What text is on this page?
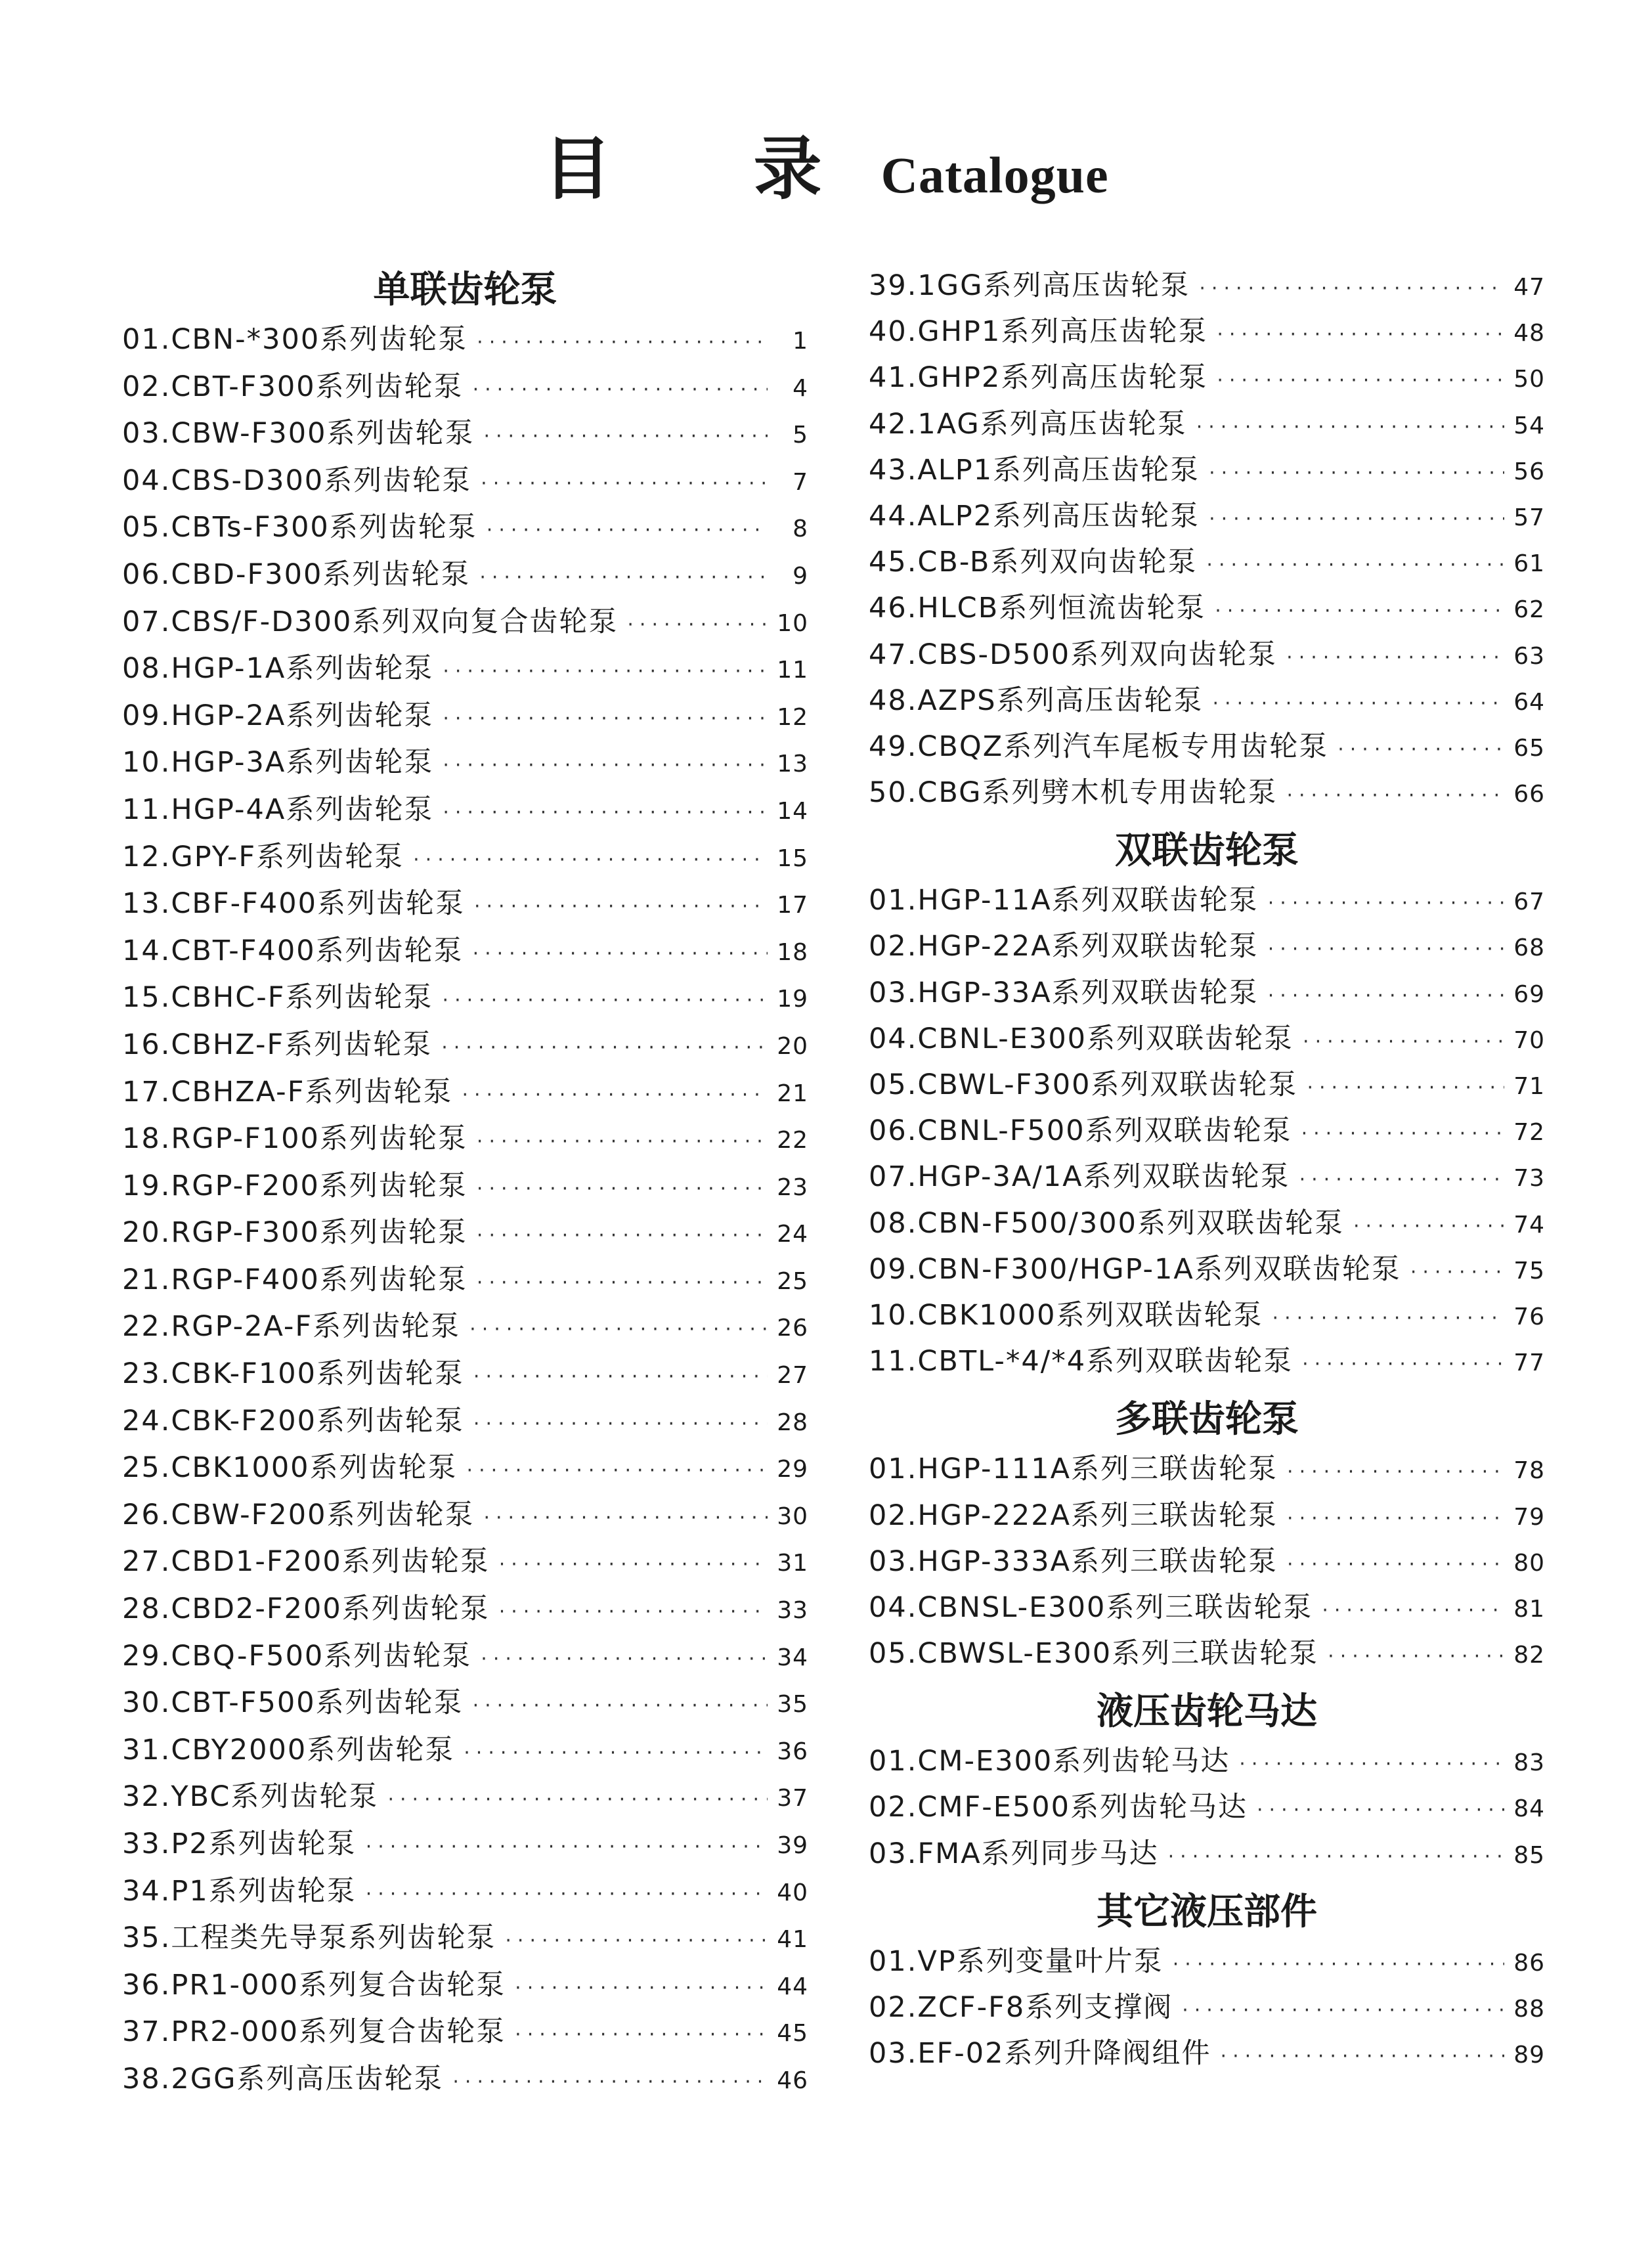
目 录Catalogue
单联齿轮泵
01. CBN-*300系列齿轮泵 ·····	1
02. CBT-F300系列齿轮泵 ·····	4
03. CBW-F300系列齿轮泵 ·····	5
04. CBS-D300系列齿轮泵 ·····	7
05. CBTs-F300系列齿轮泵 ·····	8
06. CBD-F300系列齿轮泵 ·····	9
07. CBS/F-D300系列双向复合齿轮泵 ·····	10
08. HGP-1A系列齿轮泵 ·····	11
09. HGP-2A系列齿轮泵 ·····	12
10. HGP-3A系列齿轮泵 ·····	13
11. HGP-4A系列齿轮泵 ·····	14
12. GPY-F系列齿轮泵 ·····	15
13. CBF-F400系列齿轮泵 ·····	17
14. CBT-F400系列齿轮泵 ·····	18
15. CBHC-F系列齿轮泵 ·····	19
16. CBHZ-F系列齿轮泵 ·····	20
17. CBHZA-F系列齿轮泵 ·····	21
18. RGP-F100系列齿轮泵 ·····	22
19. RGP-F200系列齿轮泵 ·····	23
20. RGP-F300系列齿轮泵 ·····	24
21. RGP-F400系列齿轮泵 ·····	25
22. RGP-2A-F系列齿轮泵 ·····	26
23. CBK-F100系列齿轮泵 ·····	27
24. CBK-F200系列齿轮泵 ·····	28
25. CBK1000系列齿轮泵 ·····	29
26. CBW-F200系列齿轮泵 ·····	30
27. CBD1-F200系列齿轮泵 ·····	31
28. CBD2-F200系列齿轮泵 ·····	33
29. CBQ-F500系列齿轮泵 ·····	34
30. CBT-F500系列齿轮泵 ·····	35
31. CBY2000系列齿轮泵 ·····	36
32. YBC系列齿轮泵 ·····	37
33. P2系列齿轮泵 ·····	39
34. P1系列齿轮泵 ·····	40
35. 工程类先导泵系列齿轮泵 ·····	41
36. PR1-000系列复合齿轮泵 ·····	44
37. PR2-000系列复合齿轮泵 ·····	45
38. 2GG系列高压齿轮泵 ·····	46
39. 1GG系列高压齿轮泵 ·····	47
40. GHP1系列高压齿轮泵 ·····	48
41. GHP2系列高压齿轮泵 ·····	50
42. 1AG系列高压齿轮泵 ·····	54
43. ALP1系列高压齿轮泵 ·····	56
44. ALP2系列高压齿轮泵 ·····	57
45. CB-B系列双向齿轮泵 ·····	61
46. HLCB系列恒流齿轮泵 ·····	62
47. CBS-D500系列双向齿轮泵 ·····	63
48. AZPS系列高压齿轮泵 ·····	64
49. CBQZ系列汽车尾板专用齿轮泵 ·····	65
50. CBG系列劈木机专用齿轮泵 ·····	66
双联齿轮泵
01. HGP-11A系列双联齿轮泵 ·····	67
02. HGP-22A系列双联齿轮泵 ·····	68
03. HGP-33A系列双联齿轮泵 ·····	69
04. CBNL-E300系列双联齿轮泵 ·····	70
05. CBWL-F300系列双联齿轮泵 ·····	71
06. CBNL-F500系列双联齿轮泵 ·····	72
07. HGP-3A/1A系列双联齿轮泵 ·····	73
08. CBN-F500/300系列双联齿轮泵 ·····	74
09. CBN-F300/HGP-1A系列双联齿轮泵 ·····	75
10. CBK1000系列双联齿轮泵 ·····	76
11. CBTL-*4/*4系列双联齿轮泵 ·····	77
多联齿轮泵
01. HGP-111A系列三联齿轮泵 ·····	78
02. HGP-222A系列三联齿轮泵 ·····	79
03. HGP-333A系列三联齿轮泵 ·····	80
04. CBNSL-E300系列三联齿轮泵 ·····	81
05. CBWSL-E300系列三联齿轮泵 ·····	82
液压齿轮马达
01. CM-E300系列齿轮马达 ·····	83
02. CMF-E500系列齿轮马达 ·····	84
03. FMA系列同步马达 ·····	85
其它液压部件
01. VP系列变量叶片泵 ·····	86
02. ZCF-F8系列支撑阀 ·····	88
03. EF-02系列升降阀组件 ·····	89
